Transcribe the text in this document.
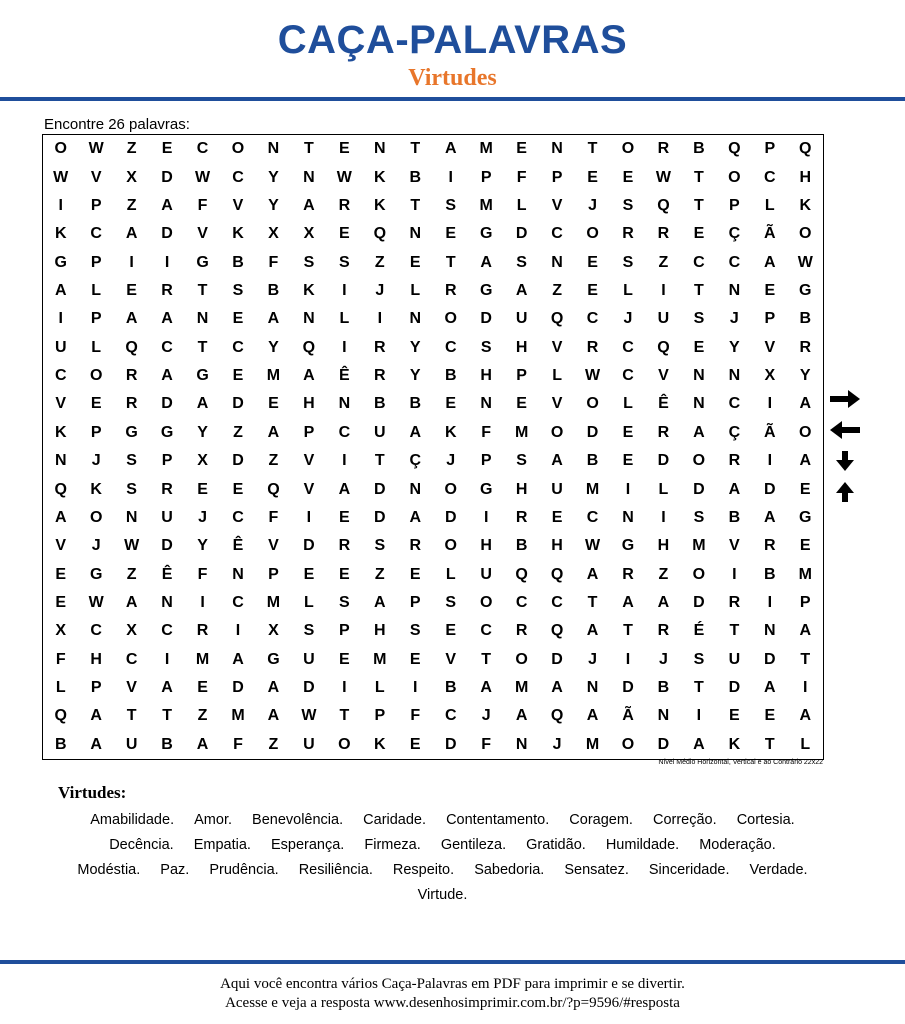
CAÇA-PALAVRAS
Virtudes
Encontre 26 palavras:
O	W	Z	E	C	O	N	T	E	N	T	A	M	E	N	T	O	R	B	Q	P	Q
W	V	X	D	W	C	Y	N	W	K	B	I	P	F	P	E	E	W	T	O	C	H
I	P	Z	A	F	V	Y	A	R	K	T	S	M	L	V	J	S	Q	T	P	L	K
K	C	A	D	V	K	X	X	E	Q	N	E	G	D	C	O	R	R	E	Ç	Ã	O
G	P	I	I	G	B	F	S	S	Z	E	T	A	S	N	E	S	Z	C	C	A	W
A	L	E	R	T	S	B	K	I	J	L	R	G	A	Z	E	L	I	T	N	E	G
I	P	A	A	N	E	A	N	L	I	N	O	D	U	Q	C	J	U	S	J	P	B
U	L	Q	C	T	C	Y	Q	I	R	Y	C	S	H	V	R	C	Q	E	Y	V	R
C	O	R	A	G	E	M	A	Ê	R	Y	B	H	P	L	W	C	V	N	N	X	Y
V	E	R	D	A	D	E	H	N	B	B	E	N	E	V	O	L	Ê	N	C	I	A
K	P	G	G	Y	Z	A	P	C	U	A	K	F	M	O	D	E	R	A	Ç	Ã	O
N	J	S	P	X	D	Z	V	I	T	Ç	J	P	S	A	B	E	D	O	R	I	A
Q	K	S	R	E	E	Q	V	A	D	N	O	G	H	U	M	I	L	D	A	D	E
A	O	N	U	J	C	F	I	E	D	A	D	I	R	E	C	N	I	S	B	A	G
V	J	W	D	Y	Ê	V	D	R	S	R	O	H	B	H	W	G	H	M	V	R	E
E	G	Z	Ê	F	N	P	E	E	Z	E	L	U	Q	Q	A	R	Z	O	I	B	M
E	W	A	N	I	C	M	L	S	A	P	S	O	C	C	T	A	A	D	R	I	P
X	C	X	C	R	I	X	S	P	H	S	E	C	R	Q	A	T	R	É	T	N	A
F	H	C	I	M	A	G	U	E	M	E	V	T	O	D	J	I	J	S	U	D	T
L	P	V	A	E	D	A	D	I	L	I	B	A	M	A	N	D	B	T	D	A	I
Q	A	T	T	Z	M	A	W	T	P	F	C	J	A	Q	A	Ã	N	I	E	E	A
B	A	U	B	A	F	Z	U	O	K	E	D	F	N	J	M	O	D	A	K	T	L
Nível Médio Horizontal, Vertical e ao Contrário 22x22
Virtudes:
Amabilidade. Amor. Benevolência. Caridade. Contentamento. Coragem. Correção. Cortesia. Decência. Empatia. Esperança. Firmeza. Gentileza. Gratidão. Humildade. Moderação. Modéstia. Paz. Prudência. Resiliência. Respeito. Sabedoria. Sensatez. Sinceridade. Verdade. Virtude.
Aqui você encontra vários Caça-Palavras em PDF para imprimir e se divertir.
Acesse e veja a resposta www.desenhosimprimir.com.br/?p=9596/#resposta
